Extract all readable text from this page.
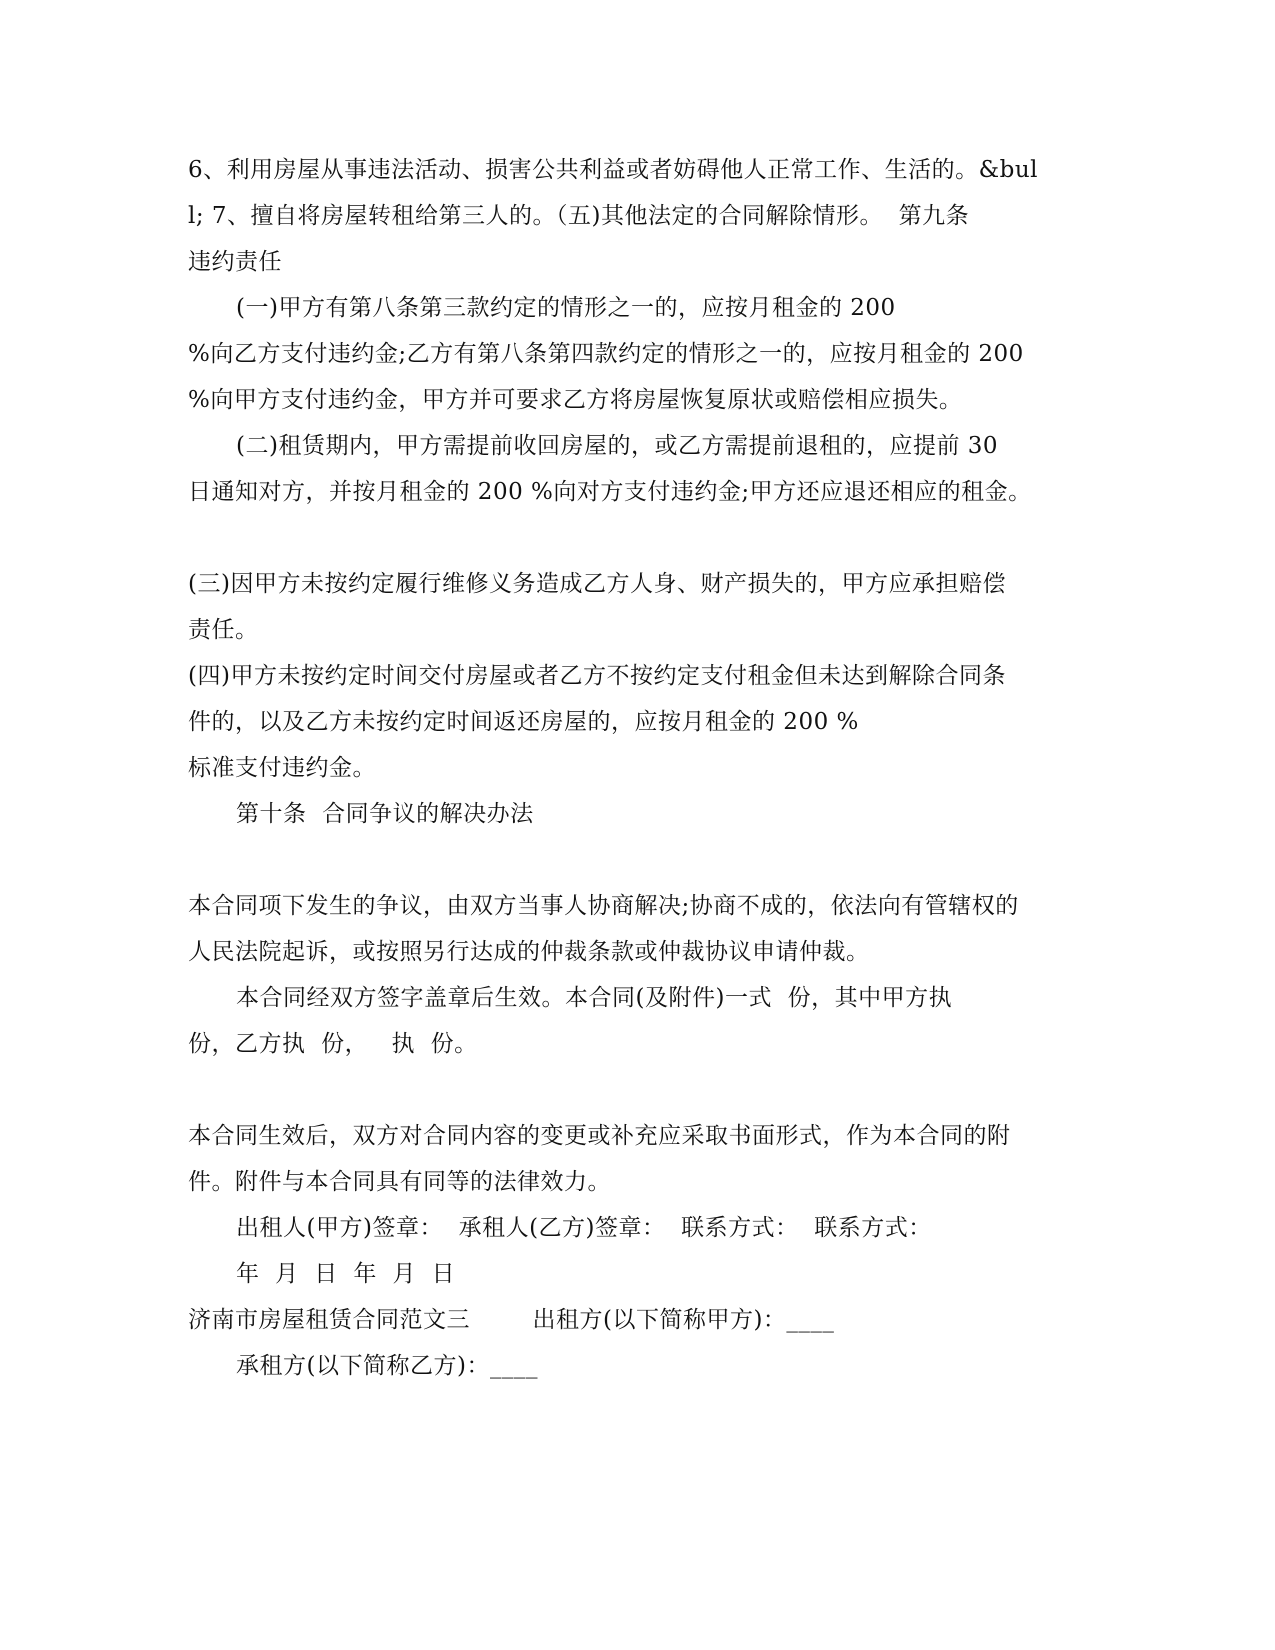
6、利用房屋从事违法活动、损害公共利益或者妨碍他人正常工作、生活的。&bul
l; 7、擅自将房屋转租给第三人的。（五)其他法定的合同解除情形。  第九条
违约责任
(一)甲方有第八条第三款约定的情形之一的，应按月租金的 200
%向乙方支付违约金;乙方有第八条第四款约定的情形之一的，应按月租金的 200
%向甲方支付违约金，甲方并可要求乙方将房屋恢复原状或赔偿相应损失。
(二)租赁期内，甲方需提前收回房屋的，或乙方需提前退租的，应提前 30
日通知对方，并按月租金的 200 %向对方支付违约金;甲方还应退还相应的租金。
(三)因甲方未按约定履行维修义务造成乙方人身、财产损失的，甲方应承担赔偿
责任。
(四)甲方未按约定时间交付房屋或者乙方不按约定支付租金但未达到解除合同条
件的，以及乙方未按约定时间返还房屋的，应按月租金的 200 %
标准支付违约金。
第十条  合同争议的解决办法
本合同项下发生的争议，由双方当事人协商解决;协商不成的，依法向有管辖权的
人民法院起诉，或按照另行达成的仲裁条款或仲裁协议申请仲裁。
本合同经双方签字盖章后生效。本合同(及附件)一式  份，其中甲方执
份，乙方执  份，   执  份。
本合同生效后，双方对合同内容的变更或补充应采取书面形式，作为本合同的附
件。附件与本合同具有同等的法律效力。
出租人(甲方)签章：  承租人(乙方)签章：  联系方式：  联系方式：
年  月  日  年  月  日
济南市房屋租赁合同范文三        出租方(以下简称甲方)：____
承租方(以下简称乙方)：____
